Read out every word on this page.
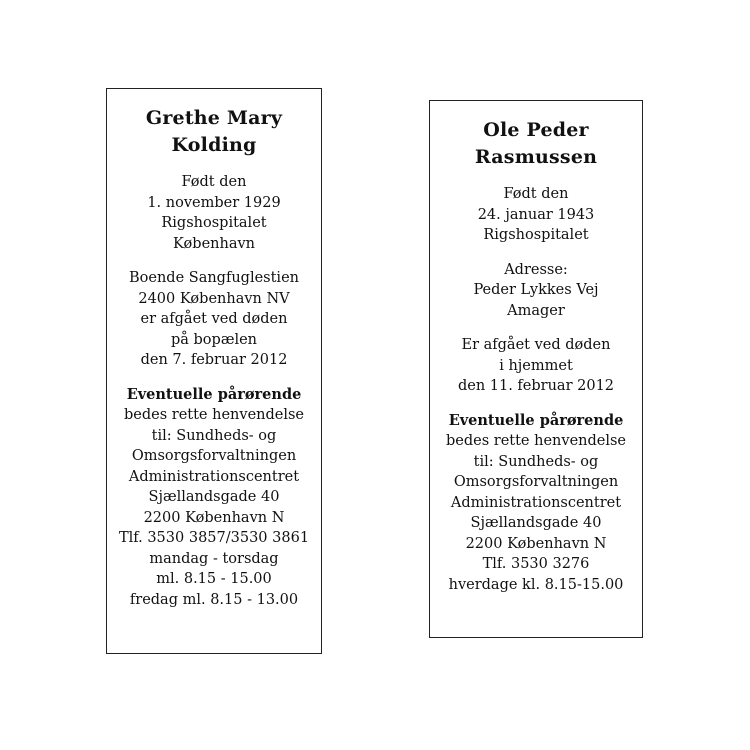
Grethe Mary
Kolding
Født den
1. november 1929
Rigshospitalet
København
Boende Sangfuglestien
2400 København NV
er afgået ved døden
på bopælen
den 7. februar 2012
Eventuelle pårørende
bedes rette henvendelse
til: Sundheds- og
Omsorgsforvaltningen
Administrationscentret
Sjællandsgade 40
2200 København N
Tlf. 3530 3857/3530 3861
mandag - torsdag
ml. 8.15 - 15.00
fredag ml. 8.15 - 13.00
Ole Peder
Rasmussen
Født den
24. januar 1943
Rigshospitalet
Adresse:
Peder Lykkes Vej
Amager
Er afgået ved døden
i hjemmet
den 11. februar 2012
Eventuelle pårørende
bedes rette henvendelse
til: Sundheds- og
Omsorgsforvaltningen
Administrationscentret
Sjællandsgade 40
2200 København N
Tlf. 3530 3276
hverdage kl. 8.15-15.00
